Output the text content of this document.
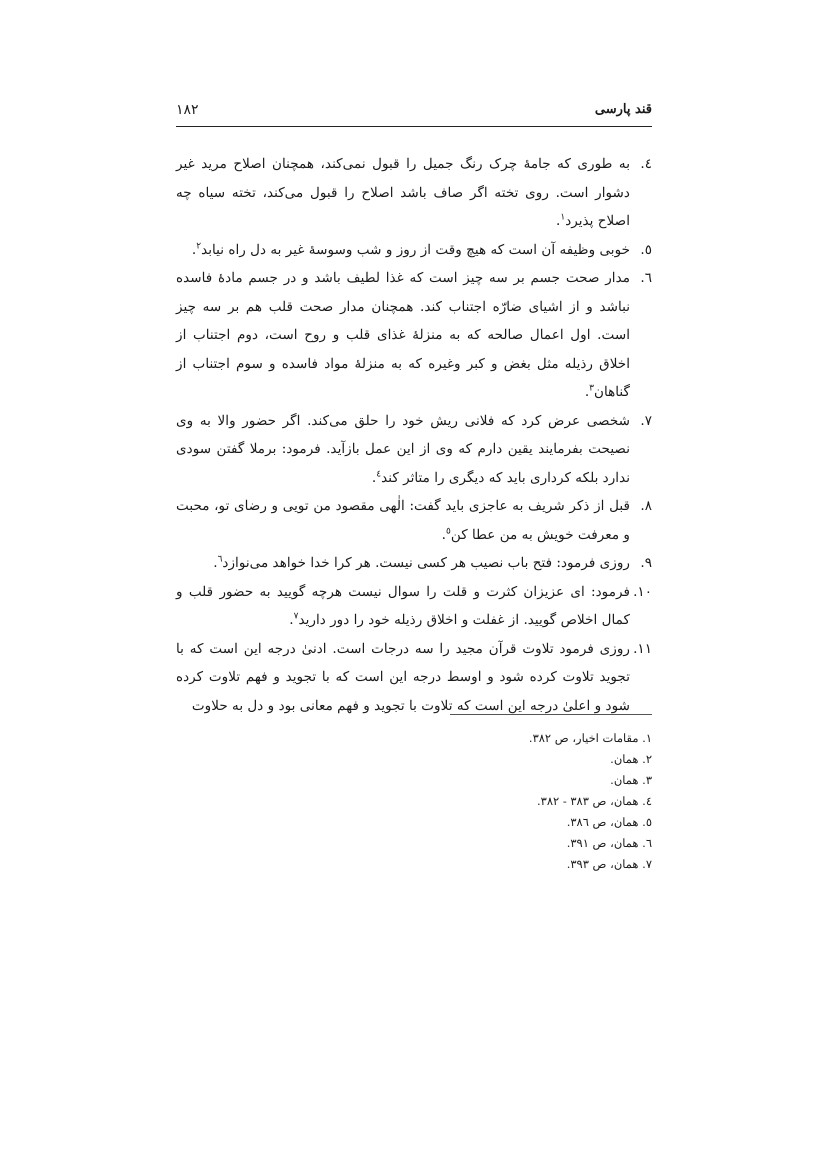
قند پارسی
۱۸۲

٤.
به طوری که جامهٔ چرک رنگ جمیل را قبول نمی‌کند، همچنان اصلاح مرید غیر دشوار است. روی تخته اگر صاف باشد اصلاح را قبول می‌کند، تخته سیاه چه اصلاح پذیرد$^١$.

٥.
خوبی وظیفه آن است که هیچ وقت از روز و شب وسوسهٔ غیر به دل راه نیابد$^٢$.

٦.
مدار صحت جسم بر سه چیز است که غذا لطیف باشد و در جسم مادهٔ فاسده نباشد و از اشیای ضارّه اجتناب کند. همچنان مدار صحت قلب هم بر سه چیز است. اول اعمال صالحه که به منزلهٔ غذای قلب و روح است، دوم اجتناب از اخلاق رذیله مثل بغض و کبر وغیره که به منزلهٔ مواد فاسده و سوم اجتناب از گناهان$^٣$.

٧.
شخصی عرض کرد که فلانی ریش خود را حلق می‌کند. اگر حضور والا به وی نصیحت بفرمایند یقین دارم که وی از این عمل بازآید. فرمود: برملا گفتن سودی ندارد بلکه کرداری باید که دیگری را متاثر کند$^٤$.

٨.
قبل از ذکر شریف به عاجزی باید گفت: الٰهی مقصود من تویی و رضای تو، محبت و معرفت خویش به من عطا کن$^٥$.

٩.
روزی فرمود: فتح باب نصیب هر کسی نیست. هر کرا خدا خواهد می‌نوازد$^٦$.

١٠.
فرمود: ای عزیزان کثرت و قلت را سوال نیست هرچه گویید به حضور قلب و کمال اخلاص گویید. از غفلت و اخلاق رذیله خود را دور دارید$^٧$.

١١.
روزی فرمود تلاوت قرآن مجید را سه درجات است. ادنیٰ درجه این است که با تجوید تلاوت کرده شود و اوسط درجه این است که با تجوید و فهم تلاوت کرده شود و اعلیٰ درجه این است که تلاوت با تجوید و فهم معانی بود و دل به حلاوت

١. مقامات اخیار، ص ٣٨٢.

٢. همان.

٣. همان.

٤. همان، ص ٣٨٣ - ٣٨٢.

٥. همان، ص ٣٨٦.

٦. همان، ص ٣٩١.

٧. همان، ص ٣٩٣.
